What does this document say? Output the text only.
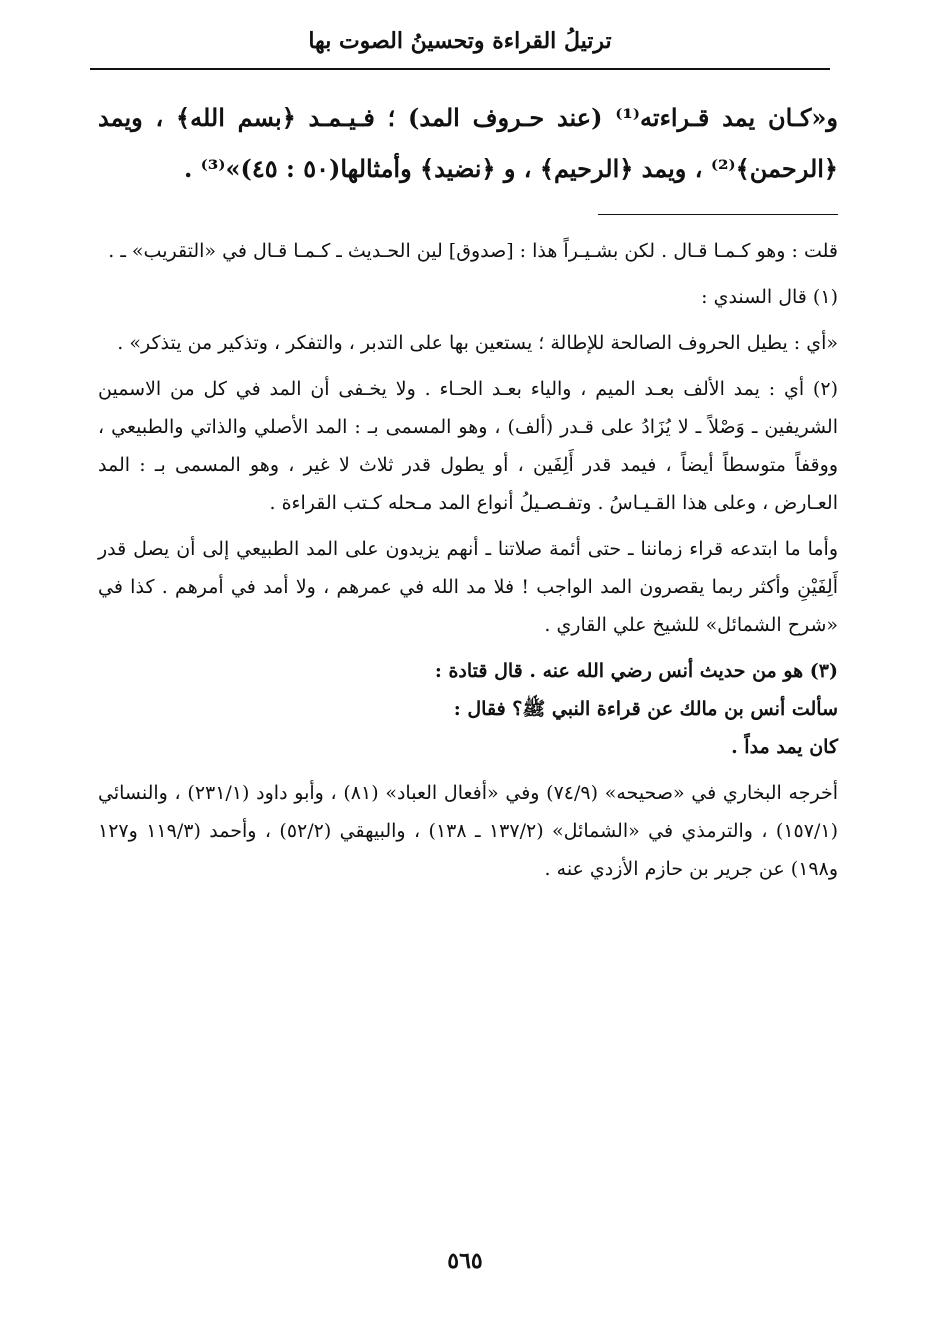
ترتيلُ القراءة وتحسينُ الصوت بها

و«كـان يمد قـراءته⁽¹⁾ (عند حـروف المد) ؛ فـيـمـد ﴿بسم الله﴾ ، ويمد ﴿الرحمن﴾⁽²⁾ ، ويمد ﴿الرحيم﴾ ، و ﴿نضيد﴾ وأمثالها(٥٠ : ٤٥)»⁽³⁾ .

قلت : وهو كـمـا قـال . لكن بشـيـراً هذا : [صدوق] لين الحـديث ـ كـمـا قـال في «التقريب» ـ .

(١) قال السندي :

«أي : يطيل الحروف الصالحة للإطالة ؛ يستعين بها على التدبر ، والتفكر ، وتذكير من يتذكر» .

(٢) أي : يمد الألف بعـد الميم ، والياء بعـد الحـاء . ولا يخـفى أن المد في كل من الاسمين الشريفين ـ وَصْلاً ـ لا يُزَادُ على قـدر (ألف) ، وهو المسمى بـ : المد الأصلي والذاتي والطبيعي ، ووقفاً متوسطاً أيضاً ، فيمد قدر أَلِفَين ، أو يطول قدر ثلاث لا غير ، وهو المسمى بـ : المد العـارض ، وعلى هذا القـيـاسُ . وتفـصـيلُ أنواع المد مـحله كـتب القراءة .

وأما ما ابتدعه قراء زماننا ـ حتى أئمة صلاتنا ـ أنهم يزيدون على المد الطبيعي إلى أن يصل قدر أَلِفَيْنِ وأكثر ربما يقصرون المد الواجب ! فلا مد الله في عمرهم ، ولا أمد في أمرهم . كذا في «شرح الشمائل» للشيخ علي القاري .

(٣) هو من حديث أنس رضي الله عنه . قال قتادة :

سألت أنس بن مالك عن قراءة النبي ﷺ؟ فقال :

كان يمد مداً .

أخرجه البخاري في «صحيحه» (٧٤/٩) وفي «أفعال العباد» (٨١) ، وأبو داود (٢٣١/١) ، والنسائي (١٥٧/١) ، والترمذي في «الشمائل» (١٣٧/٢ ـ ١٣٨) ، والبيهقي (٥٢/٢) ، وأحمد (١١٩/٣ و١٢٧ و١٩٨) عن جرير بن حازم الأزدي عنه .

٥٦٥
